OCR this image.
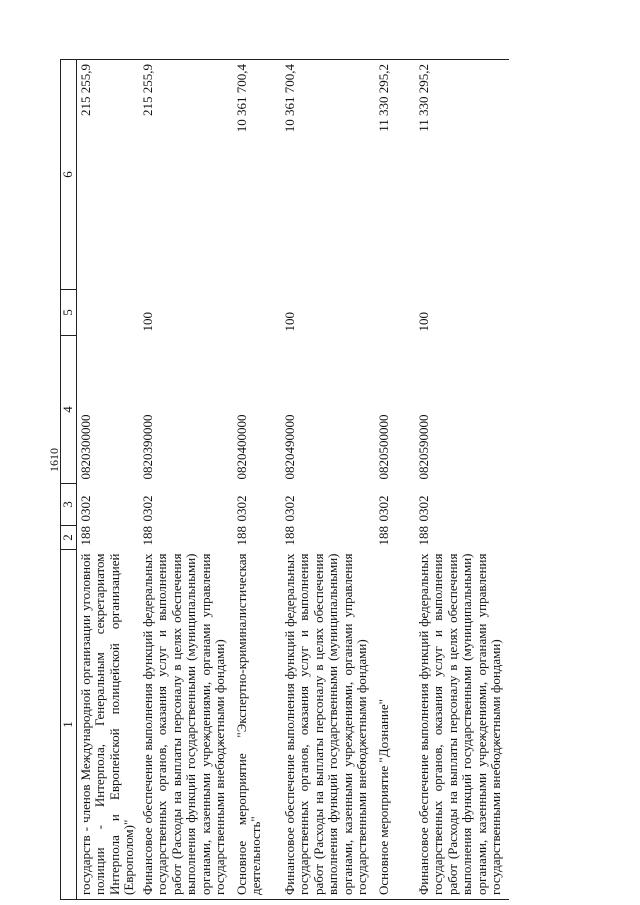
1610
1	2	3	4	5	6
государств - членов Международной организации уголовной полиции - Интерпола, Генеральным секретариатом Интерпола и Европейской полицейской организацией (Европолом)"	188	0302	0820300000		215 255,9
Финансовое обеспечение выполнения функций федеральных государственных органов, оказания услуг и выполнения работ (Расходы на выплаты персоналу в целях обеспечения выполнения функций государственными (муниципальными) органами, казенными учреждениями, органами управления государственными внебюджетными фондами)	188	0302	0820390000	100	215 255,9
Основное мероприятие "Экспертно-криминалистическая деятельность"	188	0302	0820400000		10 361 700,4
Финансовое обеспечение выполнения функций федеральных государственных органов, оказания услуг и выполнения работ (Расходы на выплаты персоналу в целях обеспечения выполнения функций государственными (муниципальными) органами, казенными учреждениями, органами управления государственными внебюджетными фондами)	188	0302	0820490000	100	10 361 700,4
Основное мероприятие "Дознание"	188	0302	0820500000		11 330 295,2
Финансовое обеспечение выполнения функций федеральных государственных органов, оказания услуг и выполнения работ (Расходы на выплаты персоналу в целях обеспечения выполнения функций государственными (муниципальными) органами, казенными учреждениями, органами управления государственными внебюджетными фондами)	188	0302	0820590000	100	11 330 295,2
